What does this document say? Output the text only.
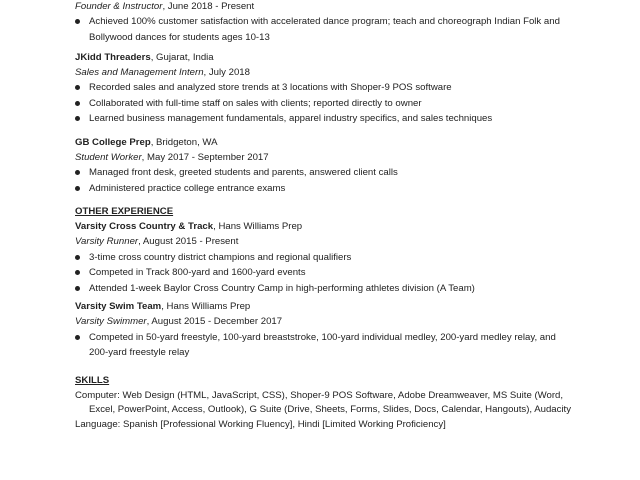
Founder & Instructor, June 2018 - Present
Achieved 100% customer satisfaction with accelerated dance program; teach and choreograph Indian Folk and
Bollywood dances for students ages 10-13
JKidd Threaders, Gujarat, India
Sales and Management Intern, July 2018
Recorded sales and analyzed store trends at 3 locations with Shoper-9 POS software
Collaborated with full-time staff on sales with clients; reported directly to owner
Learned business management fundamentals, apparel industry specifics, and sales techniques
GB College Prep, Bridgeton, WA
Student Worker, May 2017 - September 2017
Managed front desk, greeted students and parents, answered client calls
Administered practice college entrance exams
OTHER EXPERIENCE
Varsity Cross Country & Track, Hans Williams Prep
Varsity Runner, August 2015 - Present
3-time cross country district champions and regional qualifiers
Competed in Track 800-yard and 1600-yard events
Attended 1-week Baylor Cross Country Camp in high-performing athletes division (A Team)
Varsity Swim Team, Hans Williams Prep
Varsity Swimmer, August 2015 - December 2017
Competed in 50-yard freestyle, 100-yard breaststroke, 100-yard individual medley, 200-yard medley relay, and
200-yard freestyle relay
SKILLS
Computer: Web Design (HTML, JavaScript, CSS), Shoper-9 POS Software, Adobe Dreamweaver, MS Suite (Word,
Excel, PowerPoint, Access, Outlook), G Suite (Drive, Sheets, Forms, Slides, Docs, Calendar, Hangouts), Audacity
Language: Spanish [Professional Working Fluency], Hindi [Limited Working Proficiency]
